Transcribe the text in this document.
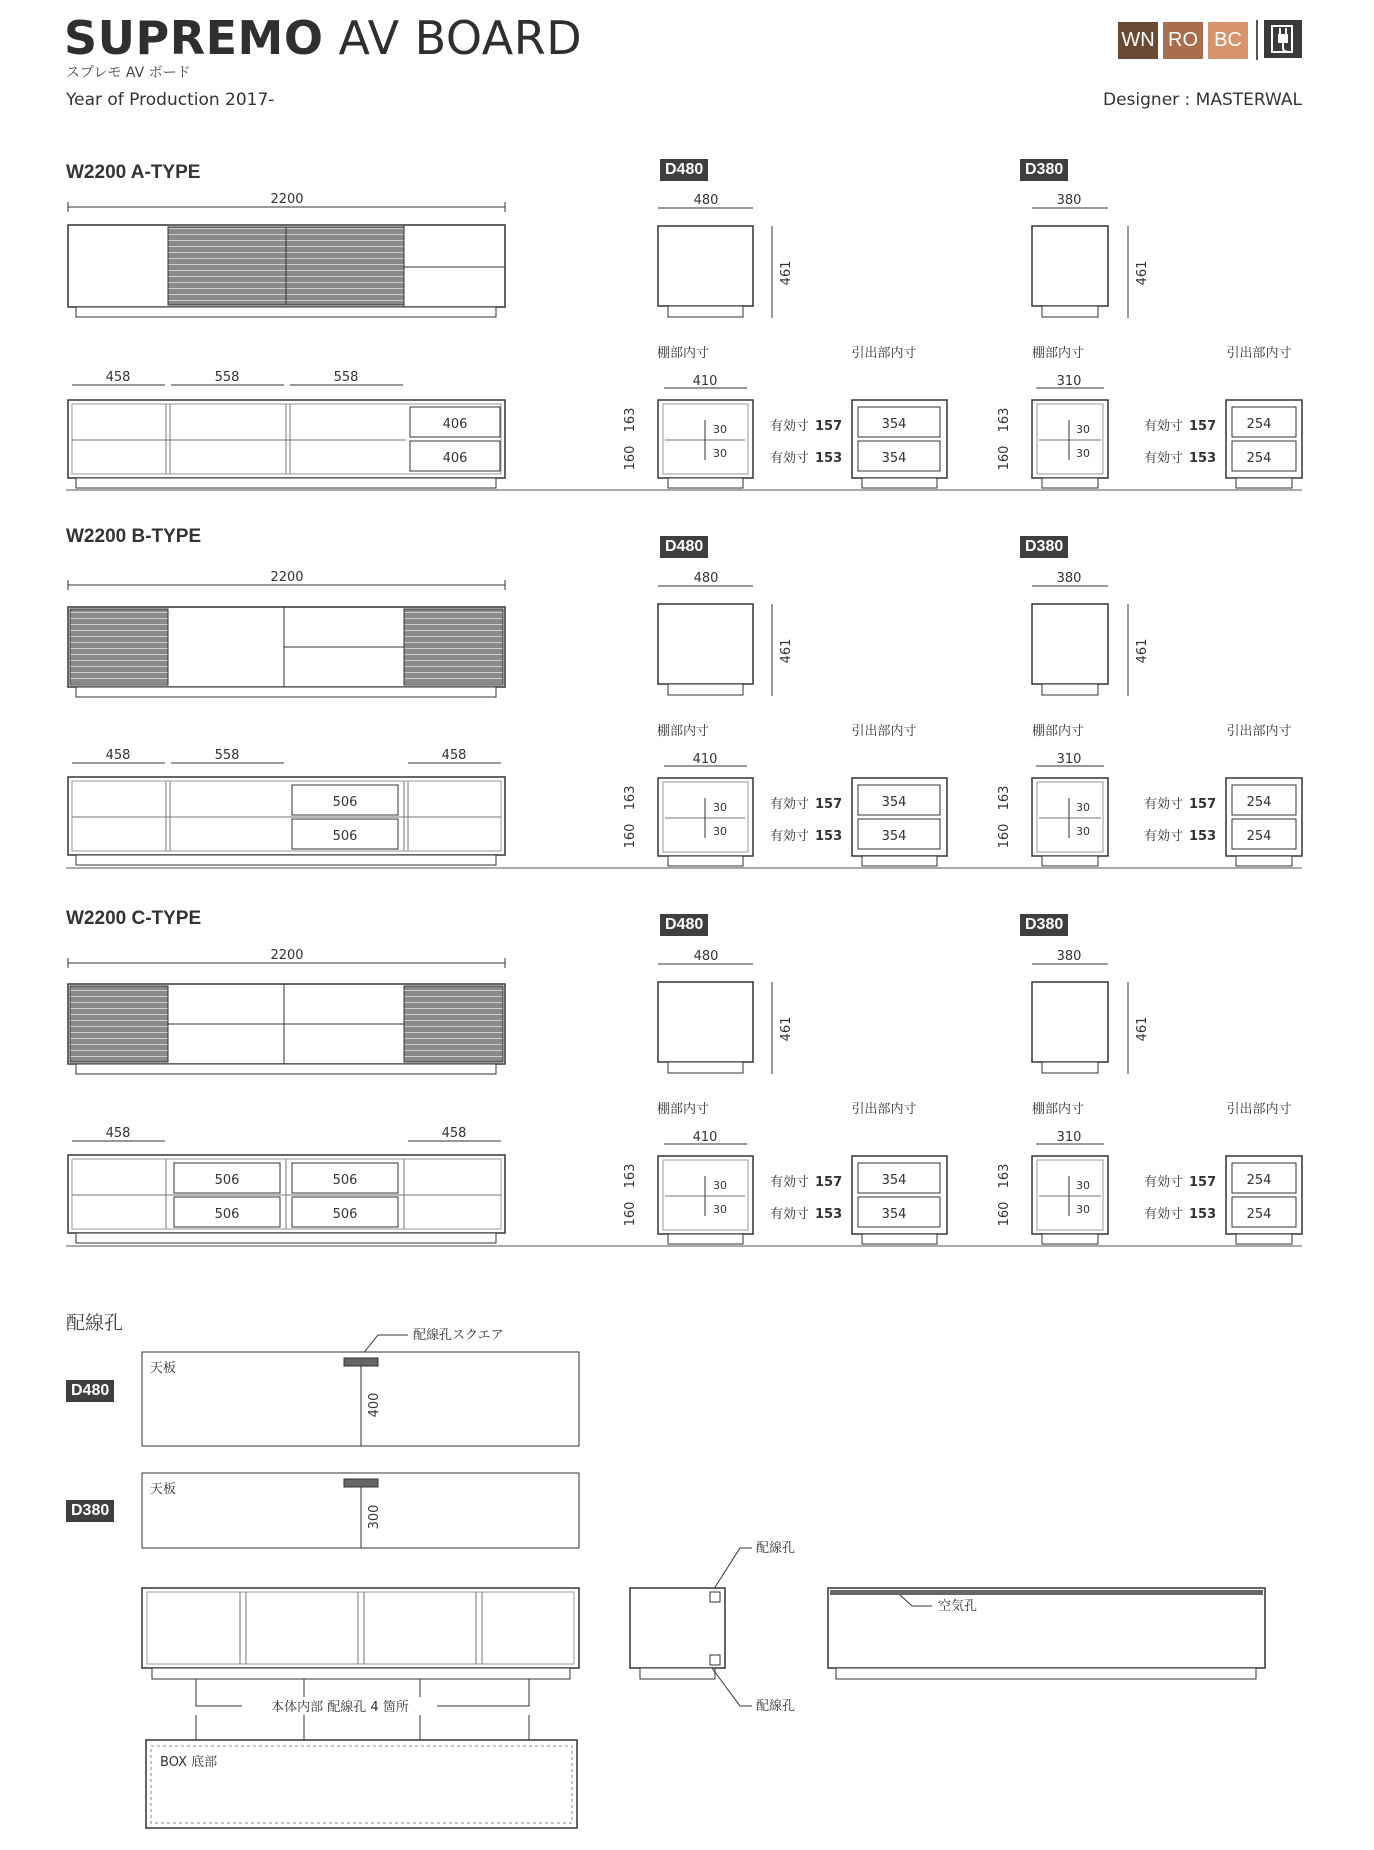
SUPREMO AV BOARD
スプレモ AV ボード
Year of Production 2017-	Designer : MASTERWAL
WN RO BC
W2200 A-TYPE	D480	D380
2200
458	558	558
406
406
W2200 B-TYPE	D480	D380
2200
458	558	458
506
506
W2200 C-TYPE	D480	D380
2200
458	458
506
506
506
506
480
461
棚部内寸	引出部内寸
410
30
30
163
160
有効寸 157
有効寸 153
354
354
380
461
棚部内寸	引出部内寸
310
30
30
163
160
有効寸 157
有効寸 153
254
254
480
461
棚部内寸	引出部内寸
410
30
30
163
160
有効寸 157
有効寸 153
354
354
380
461
棚部内寸	引出部内寸
310
30
30
163
160
有効寸 157
有効寸 153
254
254
480
461
棚部内寸	引出部内寸
410
30
30
163
160
有効寸 157
有効寸 153
354
354
380
461
棚部内寸	引出部内寸
310
30
30
163
160
有効寸 157
有効寸 153
254
254
配線孔
D480
D380
配線孔スクエア
天板
400
天板
300
本体内部 配線孔 4 箇所
BOX 底部
配線孔
配線孔
空気孔
